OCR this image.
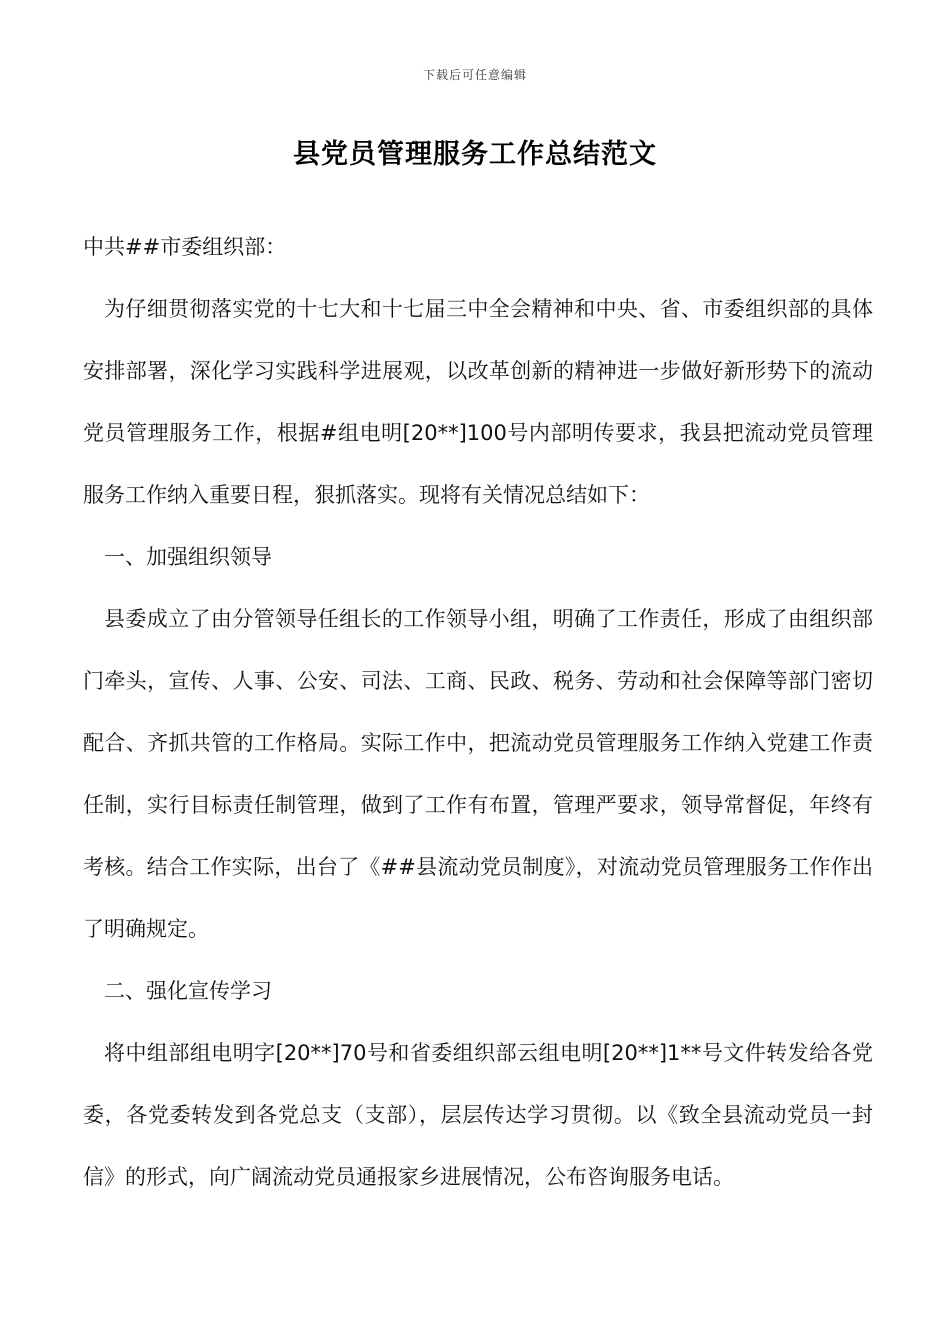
下载后可任意编辑
县党员管理服务工作总结范文

中共##市委组织部：

为仔细贯彻落实党的十七大和十七届三中全会精神和中央、省、市委组织部的具体安排部署，深化学习实践科学进展观，以改革创新的精神进一步做好新形势下的流动党员管理服务工作，根据#组电明[20**]100号内部明传要求，我县把流动党员管理服务工作纳入重要日程，狠抓落实。现将有关情况总结如下：

一、加强组织领导

县委成立了由分管领导任组长的工作领导小组，明确了工作责任，形成了由组织部门牵头，宣传、人事、公安、司法、工商、民政、税务、劳动和社会保障等部门密切配合、齐抓共管的工作格局。实际工作中，把流动党员管理服务工作纳入党建工作责任制，实行目标责任制管理，做到了工作有布置，管理严要求，领导常督促，年终有考核。结合工作实际，出台了《##县流动党员制度》，对流动党员管理服务工作作出了明确规定。

二、强化宣传学习

将中组部组电明字[20**]70号和省委组织部云组电明[20**]1**号文件转发给各党委，各党委转发到各党总支（支部），层层传达学习贯彻。以《致全县流动党员一封信》的形式，向广阔流动党员通报家乡进展情况，公布咨询服务电话。
